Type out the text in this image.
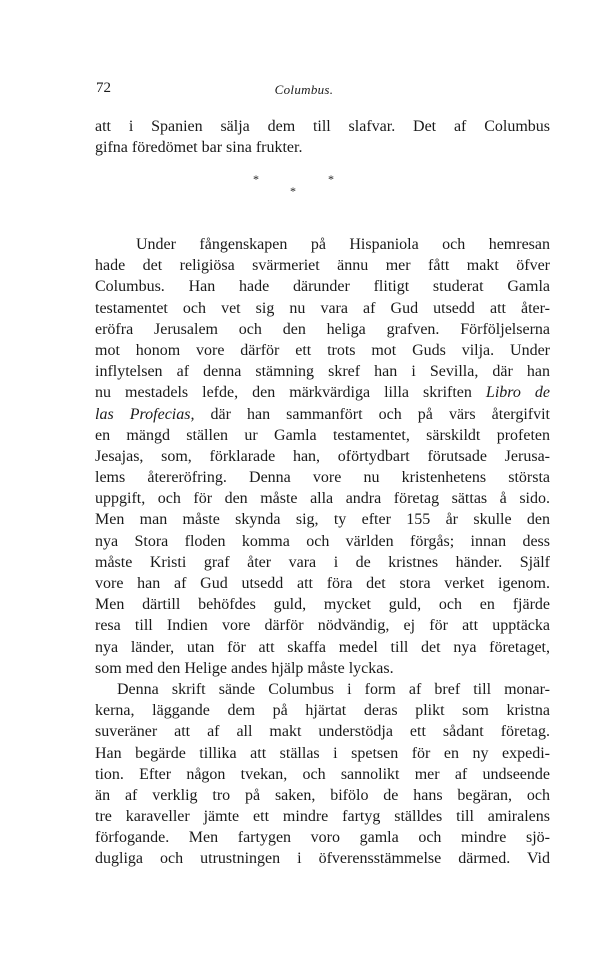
72	Columbus.
att i Spanien sälja dem till slafvar. Det af Columbus
gifna föredömet bar sina frukter.
*	*
*
Under fångenskapen på Hispaniola och hemresan
hade det religiösa svärmeriet ännu mer fått makt öfver
Columbus. Han hade därunder flitigt studerat Gamla
testamentet och vet sig nu vara af Gud utsedd att åter-
eröfra Jerusalem och den heliga grafven. Förföljelserna
mot honom vore därför ett trots mot Guds vilja. Under
inflytelsen af denna stämning skref han i Sevilla, där han
nu mestadels lefde, den märkvärdiga lilla skriften Libro de
las Profecias, där han sammanfört och på värs återgifvit
en mängd ställen ur Gamla testamentet, särskildt profeten
Jesajas, som, förklarade han, oförtydbart förutsade Jerusa-
lems återeröfring. Denna vore nu kristenhetens största
uppgift, och för den måste alla andra företag sättas å sido.
Men man måste skynda sig, ty efter 155 år skulle den
nya Stora floden komma och världen förgås; innan dess
måste Kristi graf åter vara i de kristnes händer. Själf
vore han af Gud utsedd att föra det stora verket igenom.
Men därtill behöfdes guld, mycket guld, och en fjärde
resa till Indien vore därför nödvändig, ej för att upptäcka
nya länder, utan för att skaffa medel till det nya företaget,
som med den Helige andes hjälp måste lyckas.
Denna skrift sände Columbus i form af bref till monar-
kerna, läggande dem på hjärtat deras plikt som kristna
suveräner att af all makt understödja ett sådant företag.
Han begärde tillika att ställas i spetsen för en ny expedi-
tion. Efter någon tvekan, och sannolikt mer af undseende
än af verklig tro på saken, bifölo de hans begäran, och
tre karaveller jämte ett mindre fartyg ställdes till amiralens
förfogande. Men fartygen voro gamla och mindre sjö-
dugliga och utrustningen i öfverensstämmelse därmed. Vid
